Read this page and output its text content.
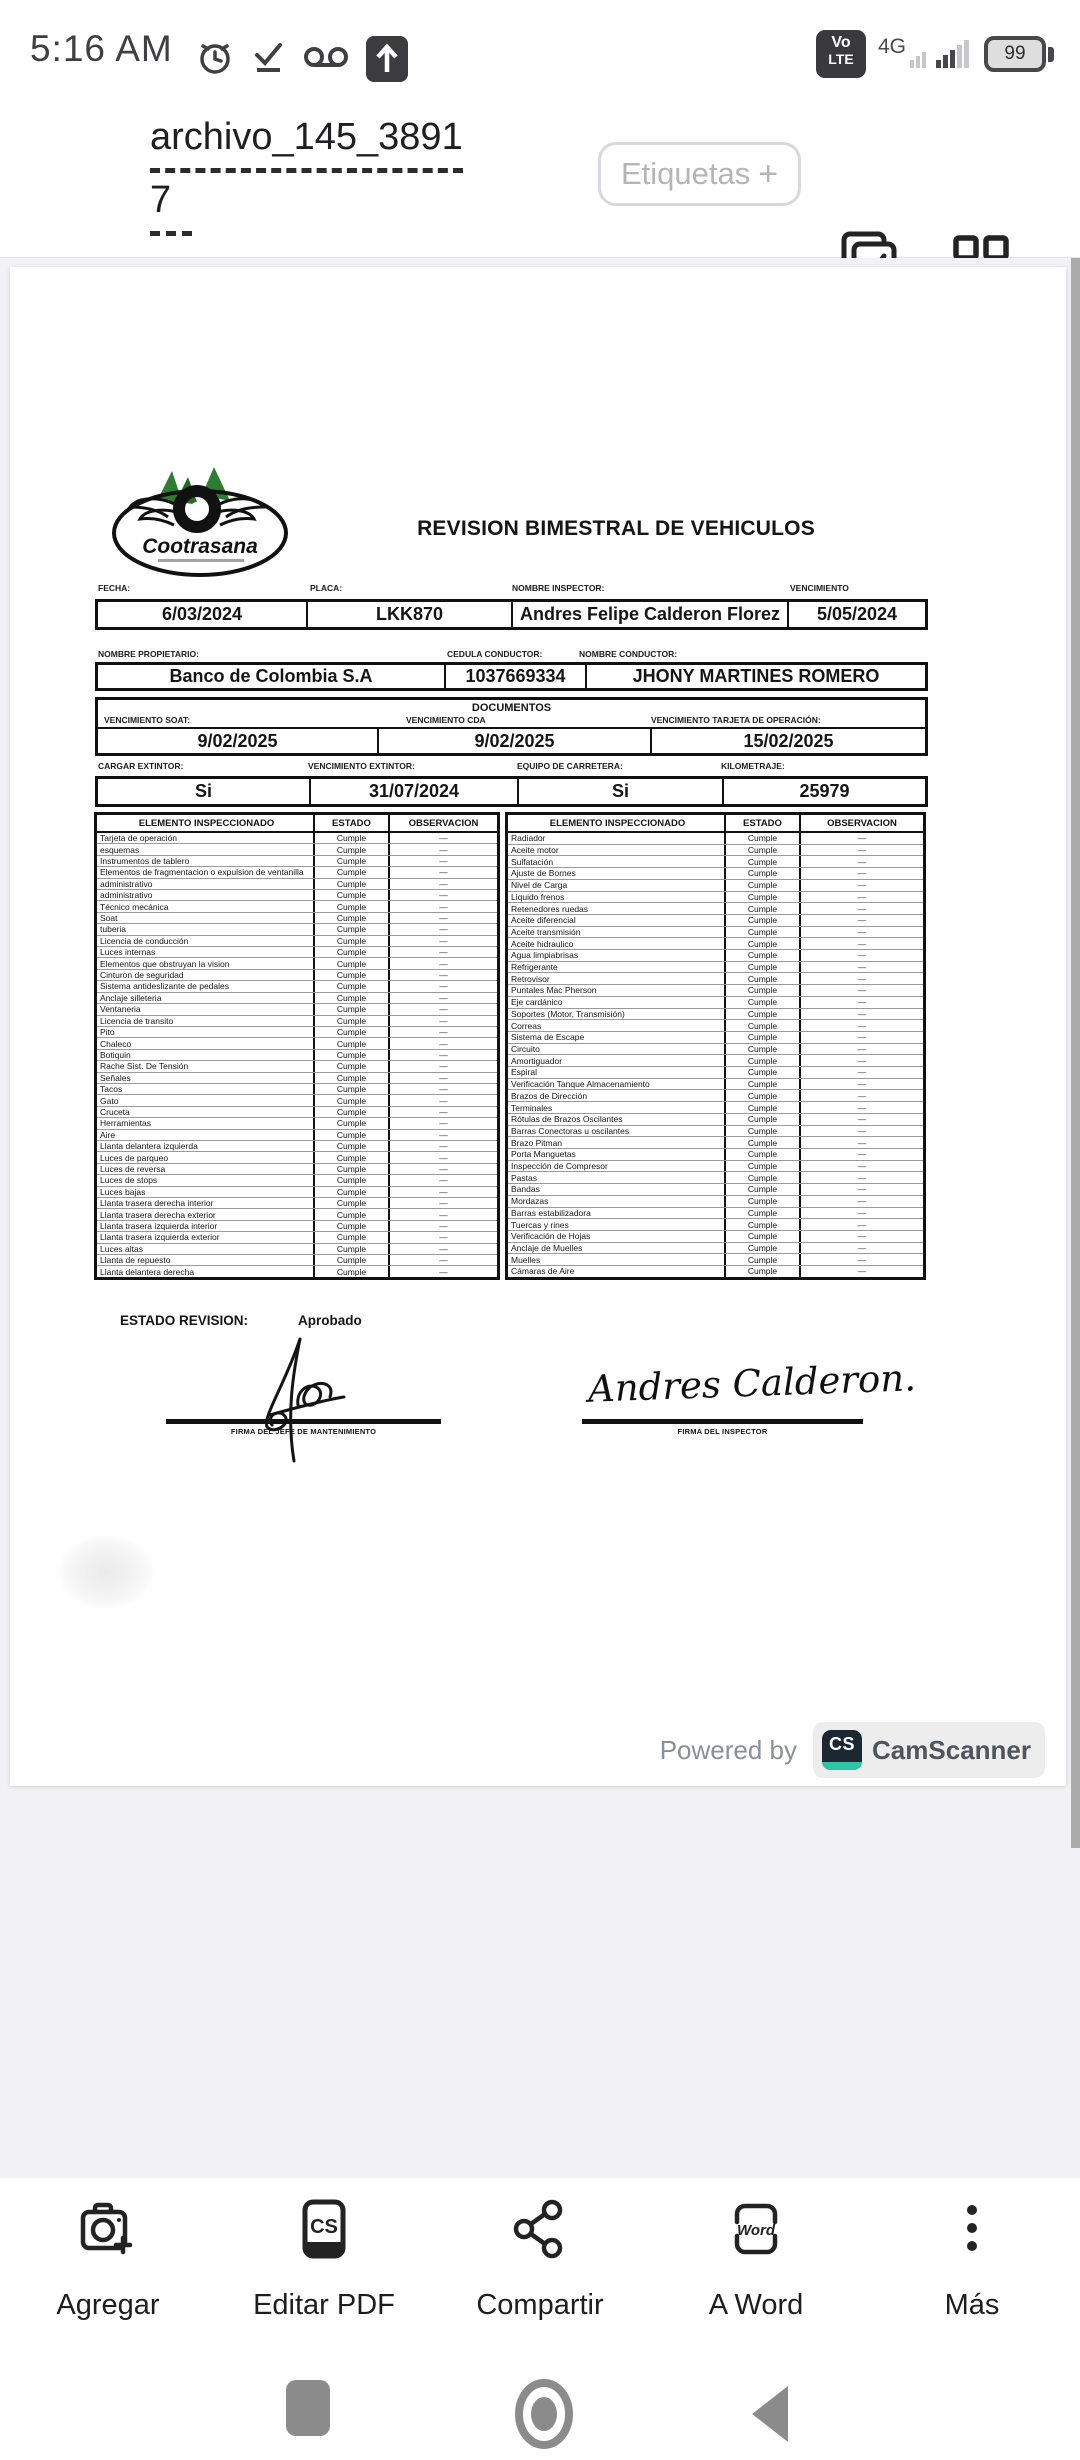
5:16 AM	Vo
LTE
4G	99
archivo_145_3891
7
Etiquetas +
Cootrasana
REVISION BIMESTRAL DE VEHICULOS
FECHA:	PLACA:	NOMBRE INSPECTOR:	VENCIMIENTO
6/03/2024	LKK870	Andres Felipe Calderon Florez	5/05/2024
NOMBRE PROPIETARIO:	CEDULA CONDUCTOR:	NOMBRE CONDUCTOR:
Banco de Colombia S.A	1037669334	JHONY MARTINES ROMERO
DOCUMENTOS
VENCIMIENTO SOAT:	VENCIMIENTO CDA	VENCIMIENTO TARJETA DE OPERACIÓN:
9/02/2025	9/02/2025	15/02/2025
CARGAR EXTINTOR:	VENCIMIENTO EXTINTOR:	EQUIPO DE CARRETERA:	KILOMETRAJE:
Si	31/07/2024	Si	25979
ELEMENTO INSPECCIONADO	ESTADO	OBSERVACION
Tarjeta de operación	Cumple	—
esquemas	Cumple	—
Instrumentos de tablero	Cumple	—
Elementos de fragmentacion o expulsion de ventanilla	Cumple	—
administrativo	Cumple	—
administrativo	Cumple	—
Técnico mecánica	Cumple	—
Soat	Cumple	—
tuberia	Cumple	—
Licencia de conducción	Cumple	—
Luces internas	Cumple	—
Elementos que obstruyan la vision	Cumple	—
Cinturon de seguridad	Cumple	—
Sistema antideslizante de pedales	Cumple	—
Anclaje silleteria	Cumple	—
Ventaneria	Cumple	—
Licencia de transito	Cumple	—
Pito	Cumple	—
Chaleco	Cumple	—
Botiquin	Cumple	—
Rache Sist. De Tensión	Cumple	—
Señales	Cumple	—
Tacos	Cumple	—
Gato	Cumple	—
Cruceta	Cumple	—
Herramientas	Cumple	—
Aire	Cumple	—
Llanta delantera izquierda	Cumple	—
Luces de parqueo	Cumple	—
Luces de reversa	Cumple	—
Luces de stops	Cumple	—
Luces bajas	Cumple	—
Llanta trasera derecha interior	Cumple	—
Llanta trasera derecha exterior	Cumple	—
Llanta trasera izquierda interior	Cumple	—
Llanta trasera izquierda exterior	Cumple	—
Luces altas	Cumple	—
Llanta de repuesto	Cumple	—
Llanta delantera derecha	Cumple	—
ELEMENTO INSPECCIONADO	ESTADO	OBSERVACION
Radiador	Cumple	—
Aceite motor	Cumple	—
Sulfatación	Cumple	—
Ajuste de Bornes	Cumple	—
Nivel de Carga	Cumple	—
Liquido frenos	Cumple	—
Retenedores ruedas	Cumple	—
Aceite diferencial	Cumple	—
Aceite transmisión	Cumple	—
Aceite hidraulico	Cumple	—
Agua limpiabrisas	Cumple	—
Refrigerante	Cumple	—
Retrovisor	Cumple	—
Puntales Mac Pherson	Cumple	—
Eje cardánico	Cumple	—
Soportes (Motor, Transmisión)	Cumple	—
Correas	Cumple	—
Sistema de Escape	Cumple	—
Circuito	Cumple	—
Amortiguador	Cumple	—
Espiral	Cumple	—
Verificación Tanque Almacenamiento	Cumple	—
Brazos de Dirección	Cumple	—
Terminales	Cumple	—
Rótulas de Brazos Oscilantes	Cumple	—
Barras Conectoras u oscilantes	Cumple	—
Brazo Pitman	Cumple	—
Porta Manguetas	Cumple	—
Inspección de Compresor	Cumple	—
Pastas	Cumple	—
Bandas	Cumple	—
Mordazas	Cumple	—
Barras estabilizadora	Cumple	—
Tuercas y rines	Cumple	—
Verificación de Hojas	Cumple	—
Anclaje de Muelles	Cumple	—
Muelles	Cumple	—
Cámaras de Aire	Cumple	—
ESTADO REVISION:	Aprobado
FIRMA DEL JEFE DE MANTENIMIENTO
Andres Calderon.
FIRMA DEL INSPECTOR
Powered by CS CamScanner
Agregar
CS
Editar PDF	Compartir
Word
A Word	Más
